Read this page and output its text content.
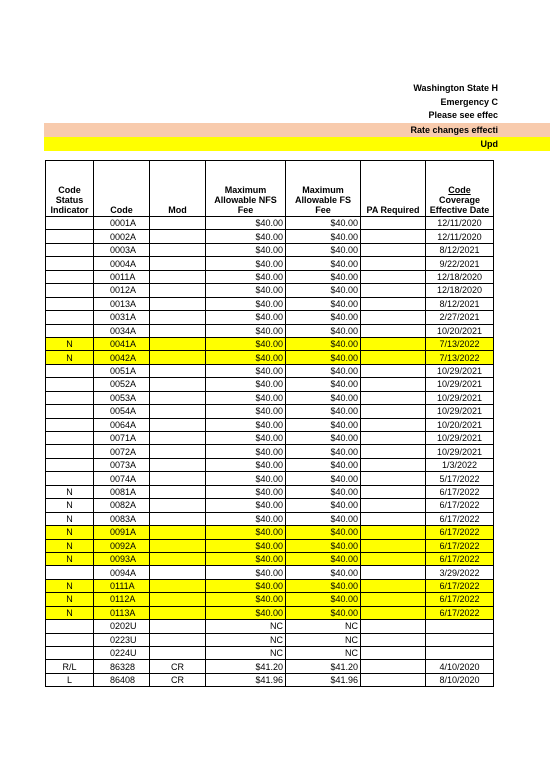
Washington State H
Emergency C
Please see effec
Rate changes effecti
Upd
Code Status Indicator	Code	Mod	Maximum Allowable NFS Fee	Maximum Allowable FS Fee	PA Required	Code Coverage Effective Date
	0001A		$40.00	$40.00		12/11/2020
	0002A		$40.00	$40.00		12/11/2020
	0003A		$40.00	$40.00		8/12/2021
	0004A		$40.00	$40.00		9/22/2021
	0011A		$40.00	$40.00		12/18/2020
	0012A		$40.00	$40.00		12/18/2020
	0013A		$40.00	$40.00		8/12/2021
	0031A		$40.00	$40.00		2/27/2021
	0034A		$40.00	$40.00		10/20/2021
N	0041A		$40.00	$40.00		7/13/2022
N	0042A		$40.00	$40.00		7/13/2022
	0051A		$40.00	$40.00		10/29/2021
	0052A		$40.00	$40.00		10/29/2021
	0053A		$40.00	$40.00		10/29/2021
	0054A		$40.00	$40.00		10/29/2021
	0064A		$40.00	$40.00		10/20/2021
	0071A		$40.00	$40.00		10/29/2021
	0072A		$40.00	$40.00		10/29/2021
	0073A		$40.00	$40.00		1/3/2022
	0074A		$40.00	$40.00		5/17/2022
N	0081A		$40.00	$40.00		6/17/2022
N	0082A		$40.00	$40.00		6/17/2022
N	0083A		$40.00	$40.00		6/17/2022
N	0091A		$40.00	$40.00		6/17/2022
N	0092A		$40.00	$40.00		6/17/2022
N	0093A		$40.00	$40.00		6/17/2022
	0094A		$40.00	$40.00		3/29/2022
N	0111A		$40.00	$40.00		6/17/2022
N	0112A		$40.00	$40.00		6/17/2022
N	0113A		$40.00	$40.00		6/17/2022
	0202U		NC	NC		
	0223U		NC	NC		
	0224U		NC	NC		
R/L	86328	CR	$41.20	$41.20		4/10/2020
L	86408	CR	$41.96	$41.96		8/10/2020
